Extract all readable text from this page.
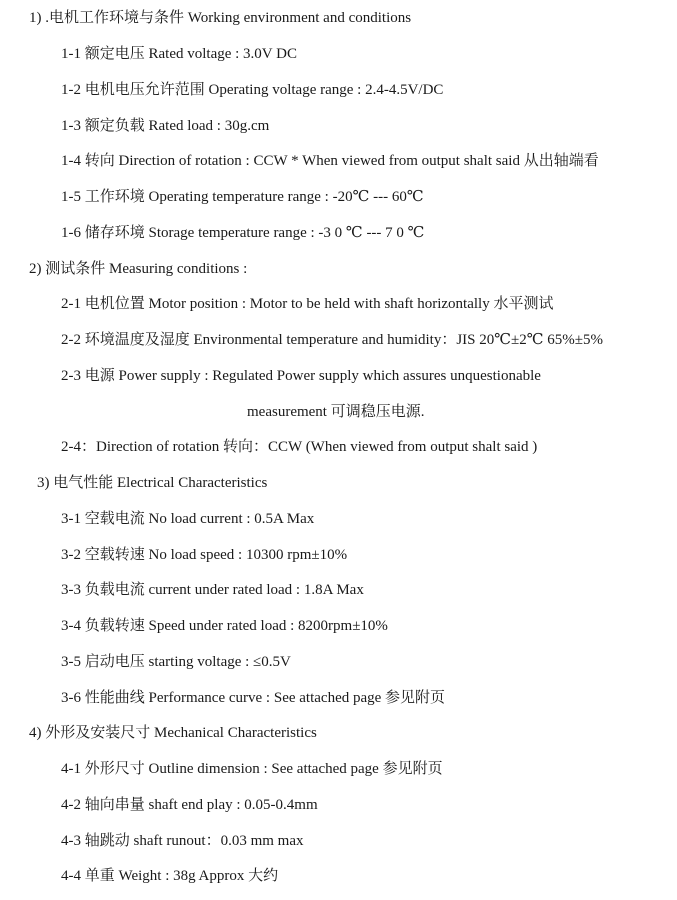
1) .电机工作环境与条件 Working environment and conditions
1-1 额定电压 Rated voltage : 3.0V DC
1-2 电机电压允许范围 Operating voltage range : 2.4-4.5V/DC
1-3 额定负载 Rated load : 30g.cm
1-4 转向 Direction of rotation : CCW * When viewed from output shalt said 从出轴端看
1-5 工作环境 Operating temperature range : -20℃ --- 60℃
1-6 储存环境 Storage temperature range : -3 0 ℃ --- 7 0 ℃
2) 测试条件 Measuring conditions :
2-1 电机位置 Motor position : Motor to be held with shaft horizontally 水平测试
2-2 环境温度及湿度 Environmental temperature and humidity：JIS 20℃±2℃ 65%±5%
2-3 电源 Power supply : Regulated Power supply which assures unquestionable
measurement 可调稳压电源.
2-4：Direction of rotation 转向：CCW (When viewed from output shalt said )
3) 电气性能 Electrical Characteristics
3-1 空载电流 No load current : 0.5A Max
3-2 空载转速 No load speed : 10300 rpm±10%
3-3 负载电流 current under rated load : 1.8A Max
3-4 负载转速 Speed under rated load : 8200rpm±10%
3-5 启动电压 starting voltage : ≤0.5V
3-6 性能曲线 Performance curve : See attached page 参见附页
4) 外形及安装尺寸 Mechanical Characteristics
4-1 外形尺寸 Outline dimension : See attached page 参见附页
4-2 轴向串量 shaft end play : 0.05-0.4mm
4-3 轴跳动 shaft runout：0.03 mm max
4-4 单重 Weight : 38g Approx 大约
